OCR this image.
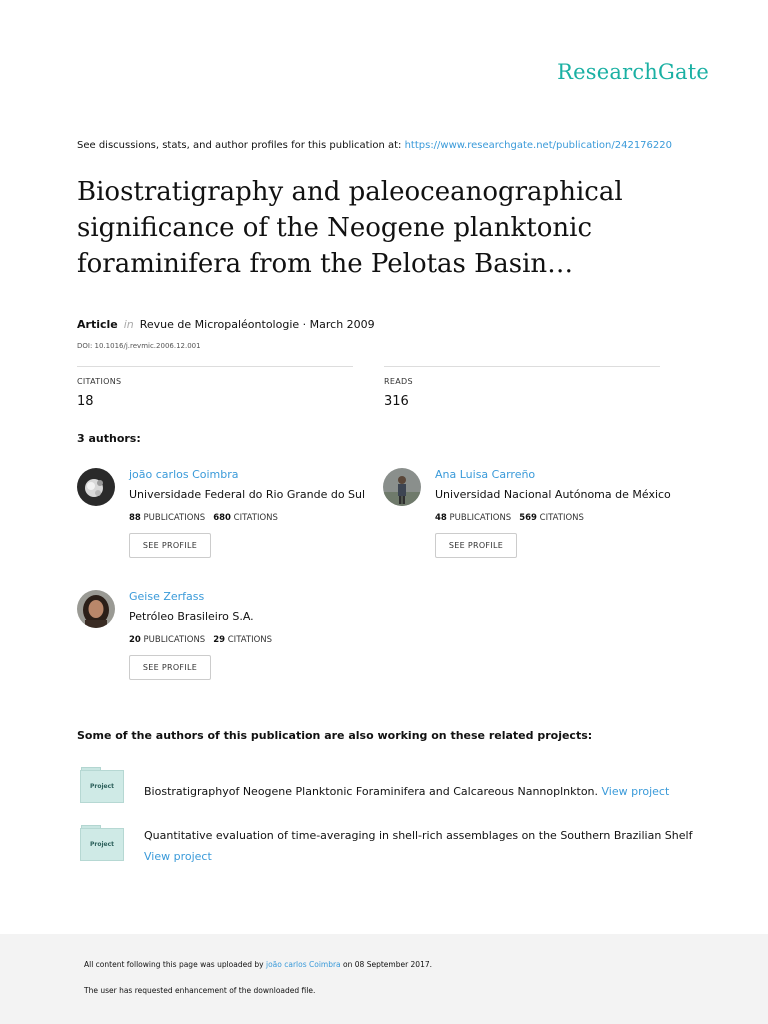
ResearchGate
See discussions, stats, and author profiles for this publication at: https://www.researchgate.net/publication/242176220
Biostratigraphy and paleoceanographical significance of the Neogene planktonic foraminifera from the Pelotas Basin…
Article in Revue de Micropaléontologie · March 2009
DOI: 10.1016/j.revmic.2006.12.001
CITATIONS
18
READS
316
3 authors:
joão carlos Coimbra
Universidade Federal do Rio Grande do Sul
88 PUBLICATIONS 680 CITATIONS
SEE PROFILE
Ana Luisa Carreño
Universidad Nacional Autónoma de México
48 PUBLICATIONS 569 CITATIONS
SEE PROFILE
Geise Zerfass
Petróleo Brasileiro S.A.
20 PUBLICATIONS 29 CITATIONS
SEE PROFILE
Some of the authors of this publication are also working on these related projects:
Project	Biostratigraphyof Neogene Planktonic Foraminifera and Calcareous Nannoplnkton. View project
Project
Quantitative evaluation of time-averaging in shell-rich assemblages on the Southern Brazilian Shelf
View project
All content following this page was uploaded by joão carlos Coimbra on 08 September 2017.
The user has requested enhancement of the downloaded file.
